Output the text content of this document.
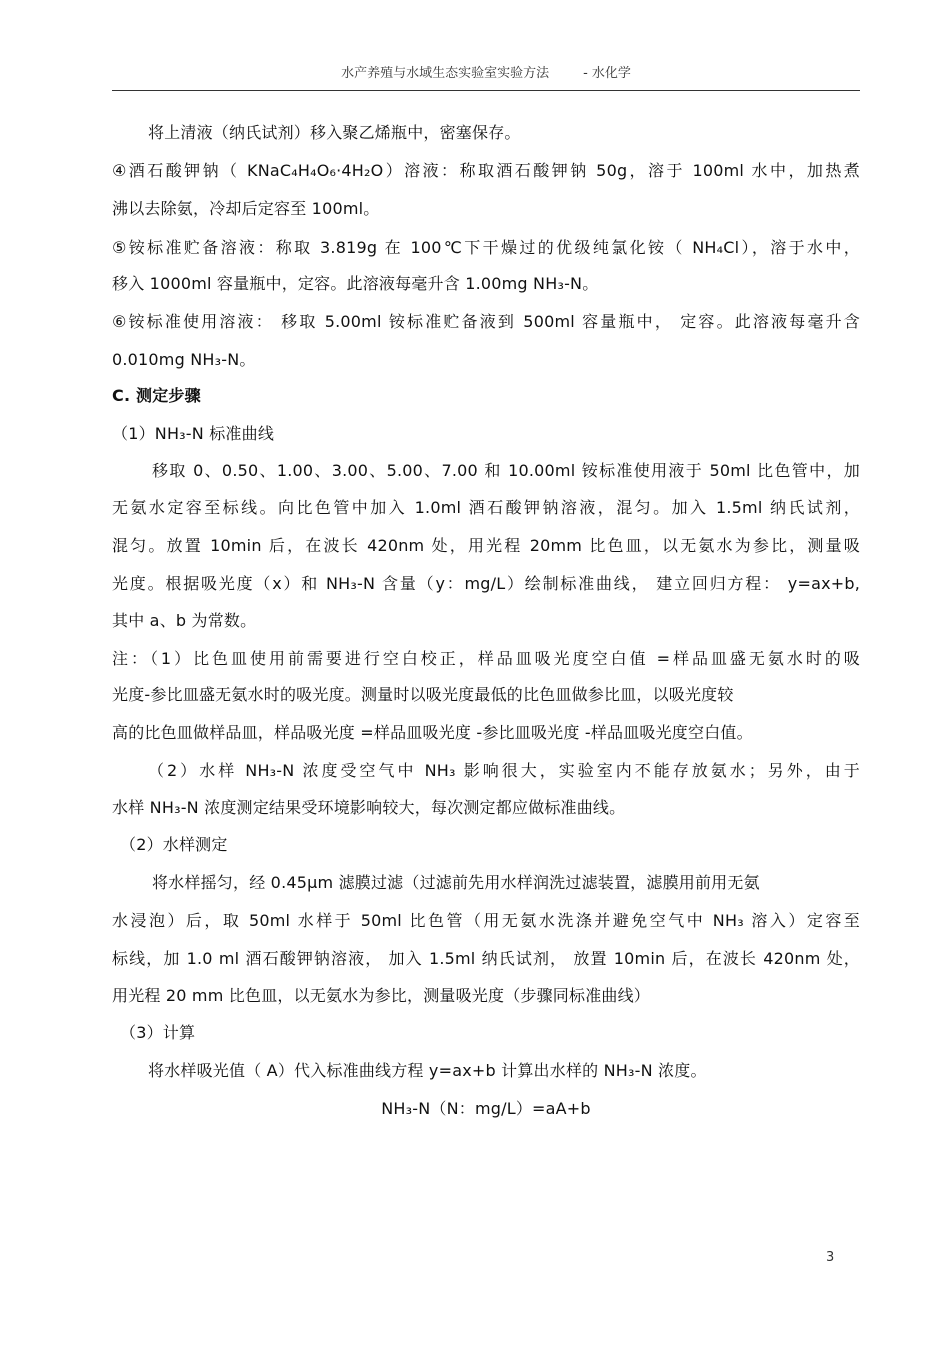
水产养殖与水域生态实验室实验方法	- 水化学
将上清液（纳氏试剂）移入聚乙烯瓶中，密塞保存。
④酒石酸钾钠（ KNaC₄H₄O₆·4H₂O）溶液：称取酒石酸钾钠 50g，溶于 100ml 水中，加热煮
沸以去除氨，冷却后定容至 100ml。
⑤铵标准贮备溶液：称取 3.819g 在 100℃下干燥过的优级纯氯化铵（ NH₄Cl），溶于水中，
移入 1000ml 容量瓶中，定容。此溶液每毫升含 1.00mg NH₃-N。
⑥铵标准使用溶液： 移取 5.00ml 铵标准贮备液到 500ml 容量瓶中， 定容。此溶液每毫升含
0.010mg NH₃-N。
C. 测定步骤
（1）NH₃-N 标准曲线
移取 0、0.50、1.00、3.00、5.00、7.00 和 10.00ml 铵标准使用液于 50ml 比色管中，加
无氨水定容至标线。向比色管中加入 1.0ml 酒石酸钾钠溶液，混匀。加入 1.5ml 纳氏试剂，
混匀。放置 10min 后，在波长 420nm 处，用光程 20mm 比色皿，以无氨水为参比，测量吸
光度。根据吸光度（x）和 NH₃-N 含量（y：mg/L）绘制标准曲线， 建立回归方程： y=ax+b,
其中 a、b 为常数。
注：（1）比色皿使用前需要进行空白校正，样品皿吸光度空白值 =样品皿盛无氨水时的吸
光度-参比皿盛无氨水时的吸光度。测量时以吸光度最低的比色皿做参比皿，以吸光度较
高的比色皿做样品皿，样品吸光度 =样品皿吸光度 -参比皿吸光度 -样品皿吸光度空白值。
（2）水样 NH₃-N 浓度受空气中 NH₃ 影响很大，实验室内不能存放氨水；另外，由于
水样 NH₃-N 浓度测定结果受环境影响较大，每次测定都应做标准曲线。
（2）水样测定
将水样摇匀，经 0.45μm 滤膜过滤（过滤前先用水样润洗过滤装置，滤膜用前用无氨
水浸泡）后，取 50ml 水样于 50ml 比色管（用无氨水洗涤并避免空气中 NH₃ 溶入）定容至
标线，加 1.0 ml 酒石酸钾钠溶液， 加入 1.5ml 纳氏试剂， 放置 10min 后，在波长 420nm 处，
用光程 20 mm 比色皿，以无氨水为参比，测量吸光度（步骤同标准曲线）
（3）计算
将水样吸光值（ A）代入标准曲线方程 y=ax+b 计算出水样的 NH₃-N 浓度。
NH₃-N（N：mg/L）=aA+b
3
